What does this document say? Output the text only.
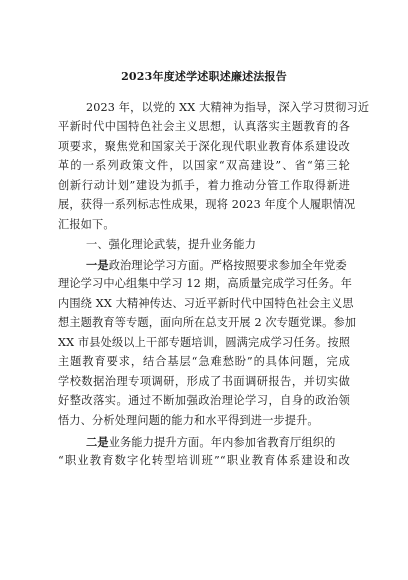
2023年度述学述职述廉述法报告
2023 年，以党的 XX 大精神为指导，深入学习贯彻习近
平新时代中国特色社会主义思想，认真落实主题教育的各
项要求，聚焦党和国家关于深化现代职业教育体系建设改
革的一系列政策文件，以国家“双高建设”、省“第三轮
创新行动计划”建设为抓手，着力推动分管工作取得新进
展，获得一系列标志性成果，现将 2023 年度个人履职情况
汇报如下。
一、强化理论武装，提升业务能力
一是政治理论学习方面。严格按照要求参加全年党委
理论学习中心组集中学习 12 期，高质量完成学习任务。年
内围绕 XX 大精神传达、习近平新时代中国特色社会主义思
想主题教育等专题，面向所在总支开展 2 次专题党课。参加
XX 市县处级以上干部专题培训，圆满完成学习任务。按照
主题教育要求，结合基层“急难愁盼”的具体问题，完成
学校数据治理专项调研，形成了书面调研报告，并切实做
好整改落实。通过不断加强政治理论学习，自身的政治领
悟力、分析处理问题的能力和水平得到进一步提升。
二是业务能力提升方面。年内参加省教育厅组织的
“职业教育数字化转型培训班”“职业教育体系建设和改
